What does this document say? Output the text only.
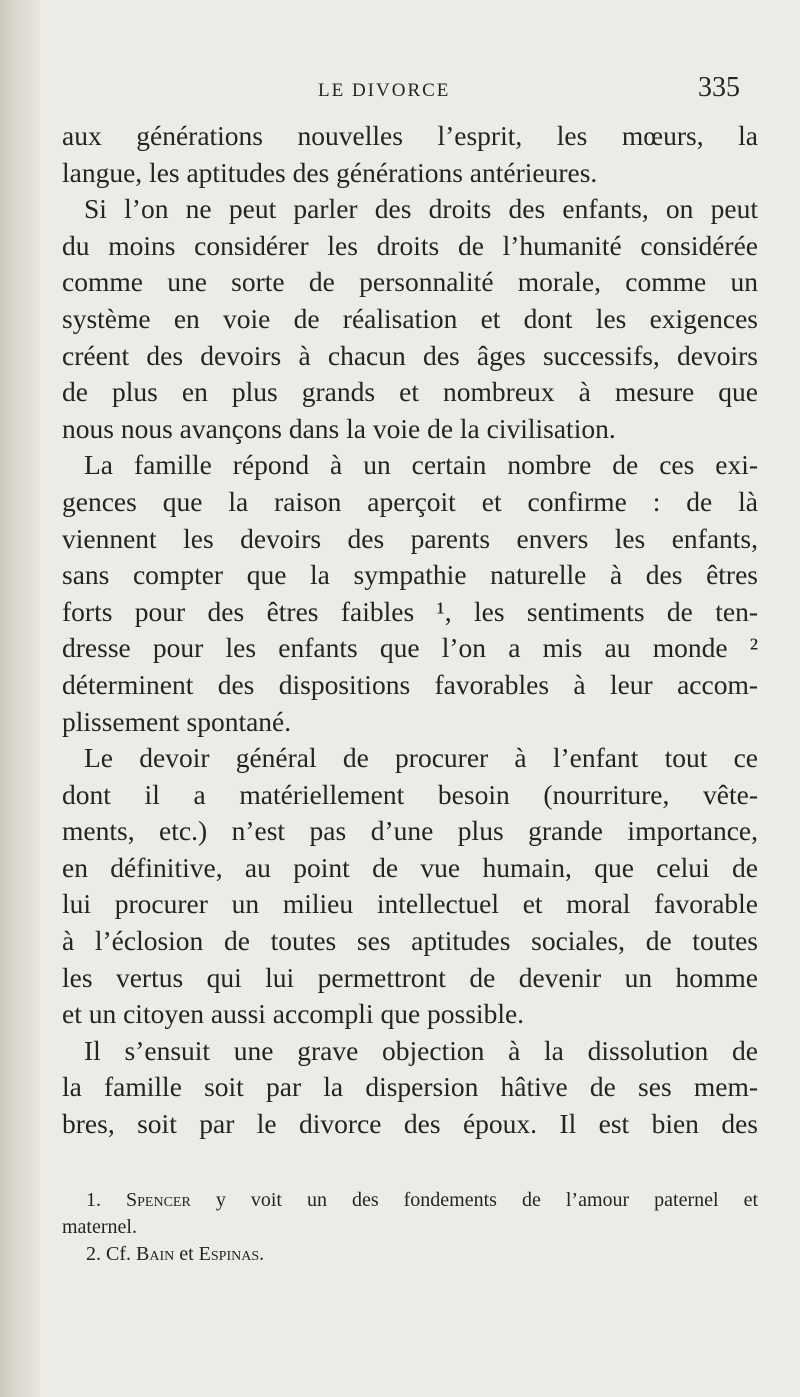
LE DIVORCE	335
aux générations nouvelles l’esprit, les mœurs, la
langue, les aptitudes des générations antérieures.
Si l’on ne peut parler des droits des enfants, on peut
du moins considérer les droits de l’humanité considérée
comme une sorte de personnalité morale, comme un
système en voie de réalisation et dont les exigences
créent des devoirs à chacun des âges successifs, devoirs
de plus en plus grands et nombreux à mesure que
nous nous avançons dans la voie de la civilisation.
La famille répond à un certain nombre de ces exi-
gences que la raison aperçoit et confirme : de là
viennent les devoirs des parents envers les enfants,
sans compter que la sympathie naturelle à des êtres
forts pour des êtres faibles ¹, les sentiments de ten-
dresse pour les enfants que l’on a mis au monde ²
déterminent des dispositions favorables à leur accom-
plissement spontané.
Le devoir général de procurer à l’enfant tout ce
dont il a matériellement besoin (nourriture, vête-
ments, etc.) n’est pas d’une plus grande importance,
en définitive, au point de vue humain, que celui de
lui procurer un milieu intellectuel et moral favorable
à l’éclosion de toutes ses aptitudes sociales, de toutes
les vertus qui lui permettront de devenir un homme
et un citoyen aussi accompli que possible.
Il s’ensuit une grave objection à la dissolution de
la famille soit par la dispersion hâtive de ses mem-
bres, soit par le divorce des époux. Il est bien des
1. Spencer y voit un des fondements de l’amour paternel et
maternel.
2. Cf. Bain et Espinas.
